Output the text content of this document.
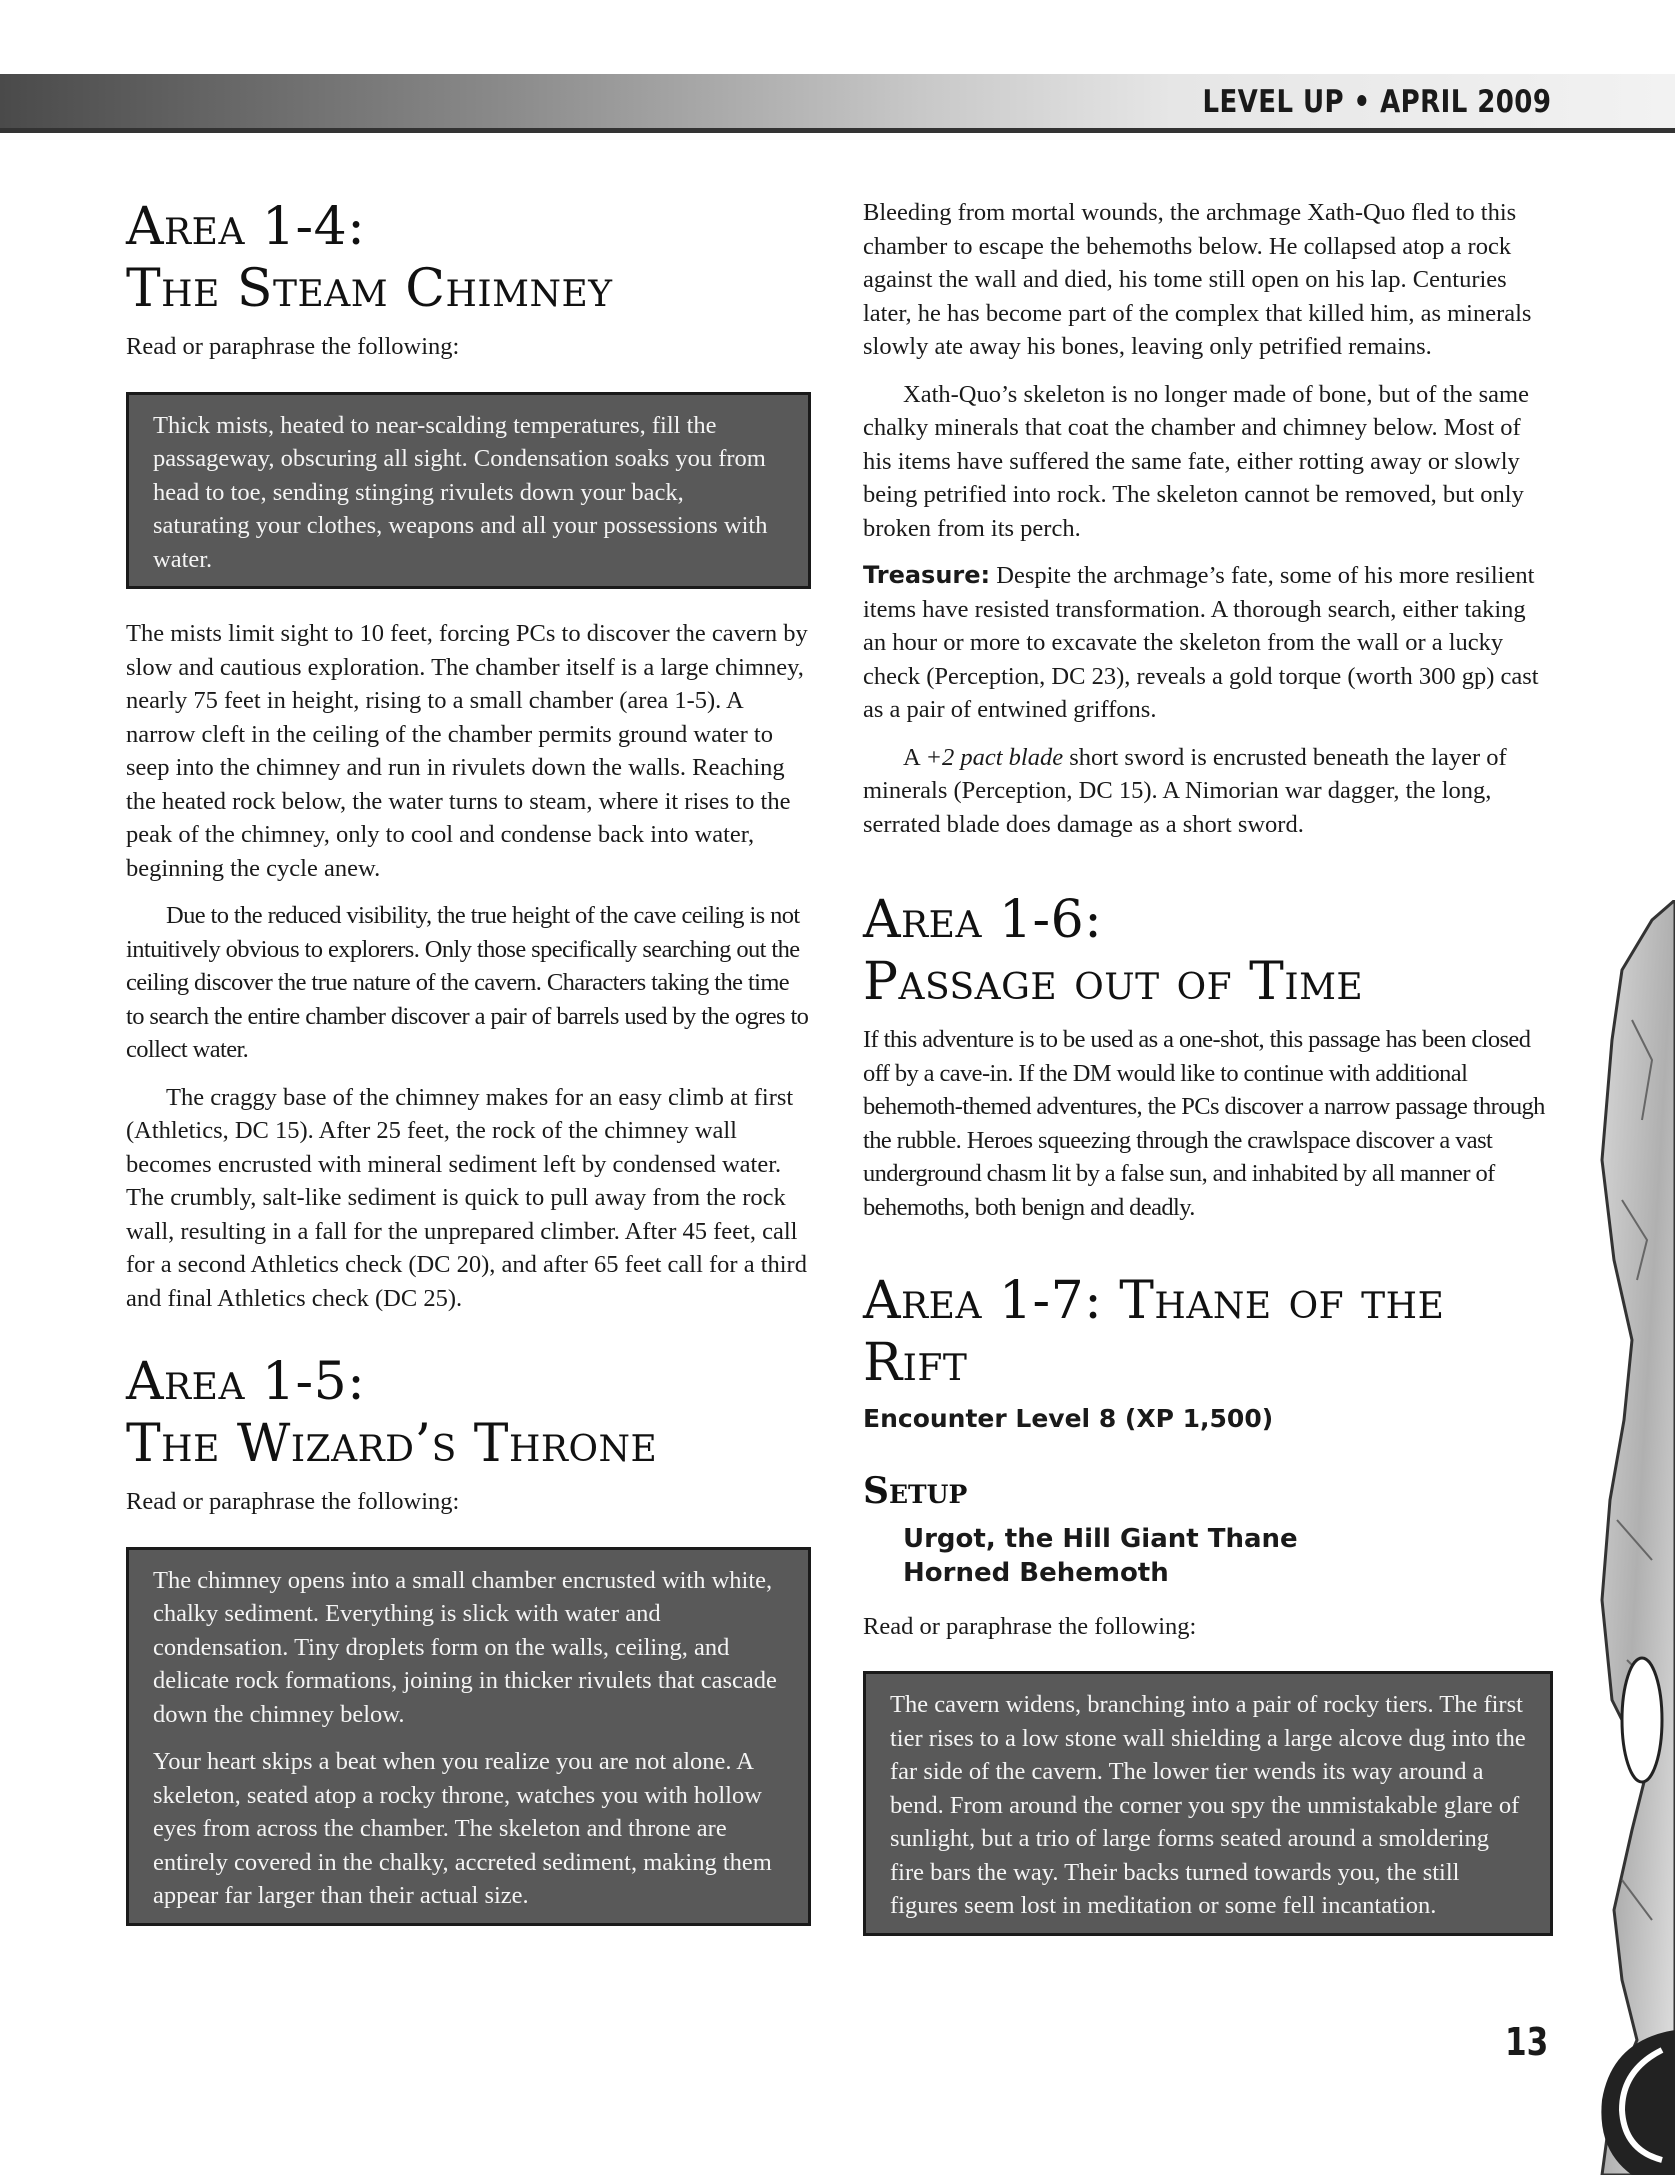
LEVEL UP • APRIL 2009
Area 1-4:
The Steam Chimney

Read or paraphrase the following:

Thick mists, heated to near-scalding temperatures, fill the passageway, obscuring all sight. Condensation soaks you from head to toe, sending stinging rivulets down your back, saturating your clothes, weapons and all your possessions with water.

The mists limit sight to 10 feet, forcing PCs to discover the cavern by slow and cautious exploration. The chamber itself is a large chimney, nearly 75 feet in height, rising to a small chamber (area 1-5). A narrow cleft in the ceiling of the chamber permits ground water to seep into the chimney and run in rivulets down the walls. Reaching the heated rock below, the water turns to steam, where it rises to the peak of the chimney, only to cool and condense back into water, beginning the cycle anew.

Due to the reduced visibility, the true height of the cave ceiling is not intuitively obvious to explorers. Only those specifically searching out the ceiling discover the true nature of the cavern. Characters taking the time to search the entire chamber discover a pair of barrels used by the ogres to collect water.

The craggy base of the chimney makes for an easy climb at first (Athletics, DC 15). After 25 feet, the rock of the chimney wall becomes encrusted with mineral sediment left by condensed water. The crumbly, salt-like sediment is quick to pull away from the rock wall, resulting in a fall for the unprepared climber. After 45 feet, call for a second Athletics check (DC 20), and after 65 feet call for a third and final Athletics check (DC 25).

Area 1-5:
The Wizard’s Throne

Read or paraphrase the following:

The chimney opens into a small chamber encrusted with white, chalky sediment. Everything is slick with water and condensation. Tiny droplets form on the walls, ceiling, and delicate rock formations, joining in thicker rivulets that cascade down the chimney below.

Your heart skips a beat when you realize you are not alone. A skeleton, seated atop a rocky throne, watches you with hollow eyes from across the chamber. The skeleton and throne are entirely covered in the chalky, accreted sediment, making them appear far larger than their actual size.

Bleeding from mortal wounds, the archmage Xath-Quo fled to this chamber to escape the behemoths below. He collapsed atop a rock against the wall and died, his tome still open on his lap. Centuries later, he has become part of the complex that killed him, as minerals slowly ate away his bones, leaving only petrified remains.

Xath-Quo’s skeleton is no longer made of bone, but of the same chalky minerals that coat the chamber and chimney below. Most of his items have suffered the same fate, either rotting away or slowly being petrified into rock. The skeleton cannot be removed, but only broken from its perch.

Treasure: Despite the archmage’s fate, some of his more resilient items have resisted transformation. A thorough search, either taking an hour or more to excavate the skeleton from the wall or a lucky check (Perception, DC 23), reveals a gold torque (worth 300 gp) cast as a pair of entwined griffons.

A +2 pact blade short sword is encrusted beneath the layer of minerals (Perception, DC 15). A Nimorian war dagger, the long, serrated blade does damage as a short sword.

Area 1-6:
Passage out of Time

If this adventure is to be used as a one-shot, this passage has been closed off by a cave-in. If the DM would like to continue with additional behemoth-themed adventures, the PCs discover a narrow passage through the rubble. Heroes squeezing through the crawlspace discover a vast underground chasm lit by a false sun, and inhabited by all manner of behemoths, both benign and deadly.

Area 1-7: Thane of the Rift

Encounter Level 8 (XP 1,500)

Setup

Urgot, the Hill Giant Thane

Horned Behemoth

Read or paraphrase the following:

The cavern widens, branching into a pair of rocky tiers. The first tier rises to a low stone wall shielding a large alcove dug into the far side of the cavern. The lower tier wends its way around a bend. From around the corner you spy the unmistakable glare of sunlight, but a trio of large forms seated around a smoldering fire bars the way. Their backs turned towards you, the still figures seem lost in meditation or some fell incantation.

13
